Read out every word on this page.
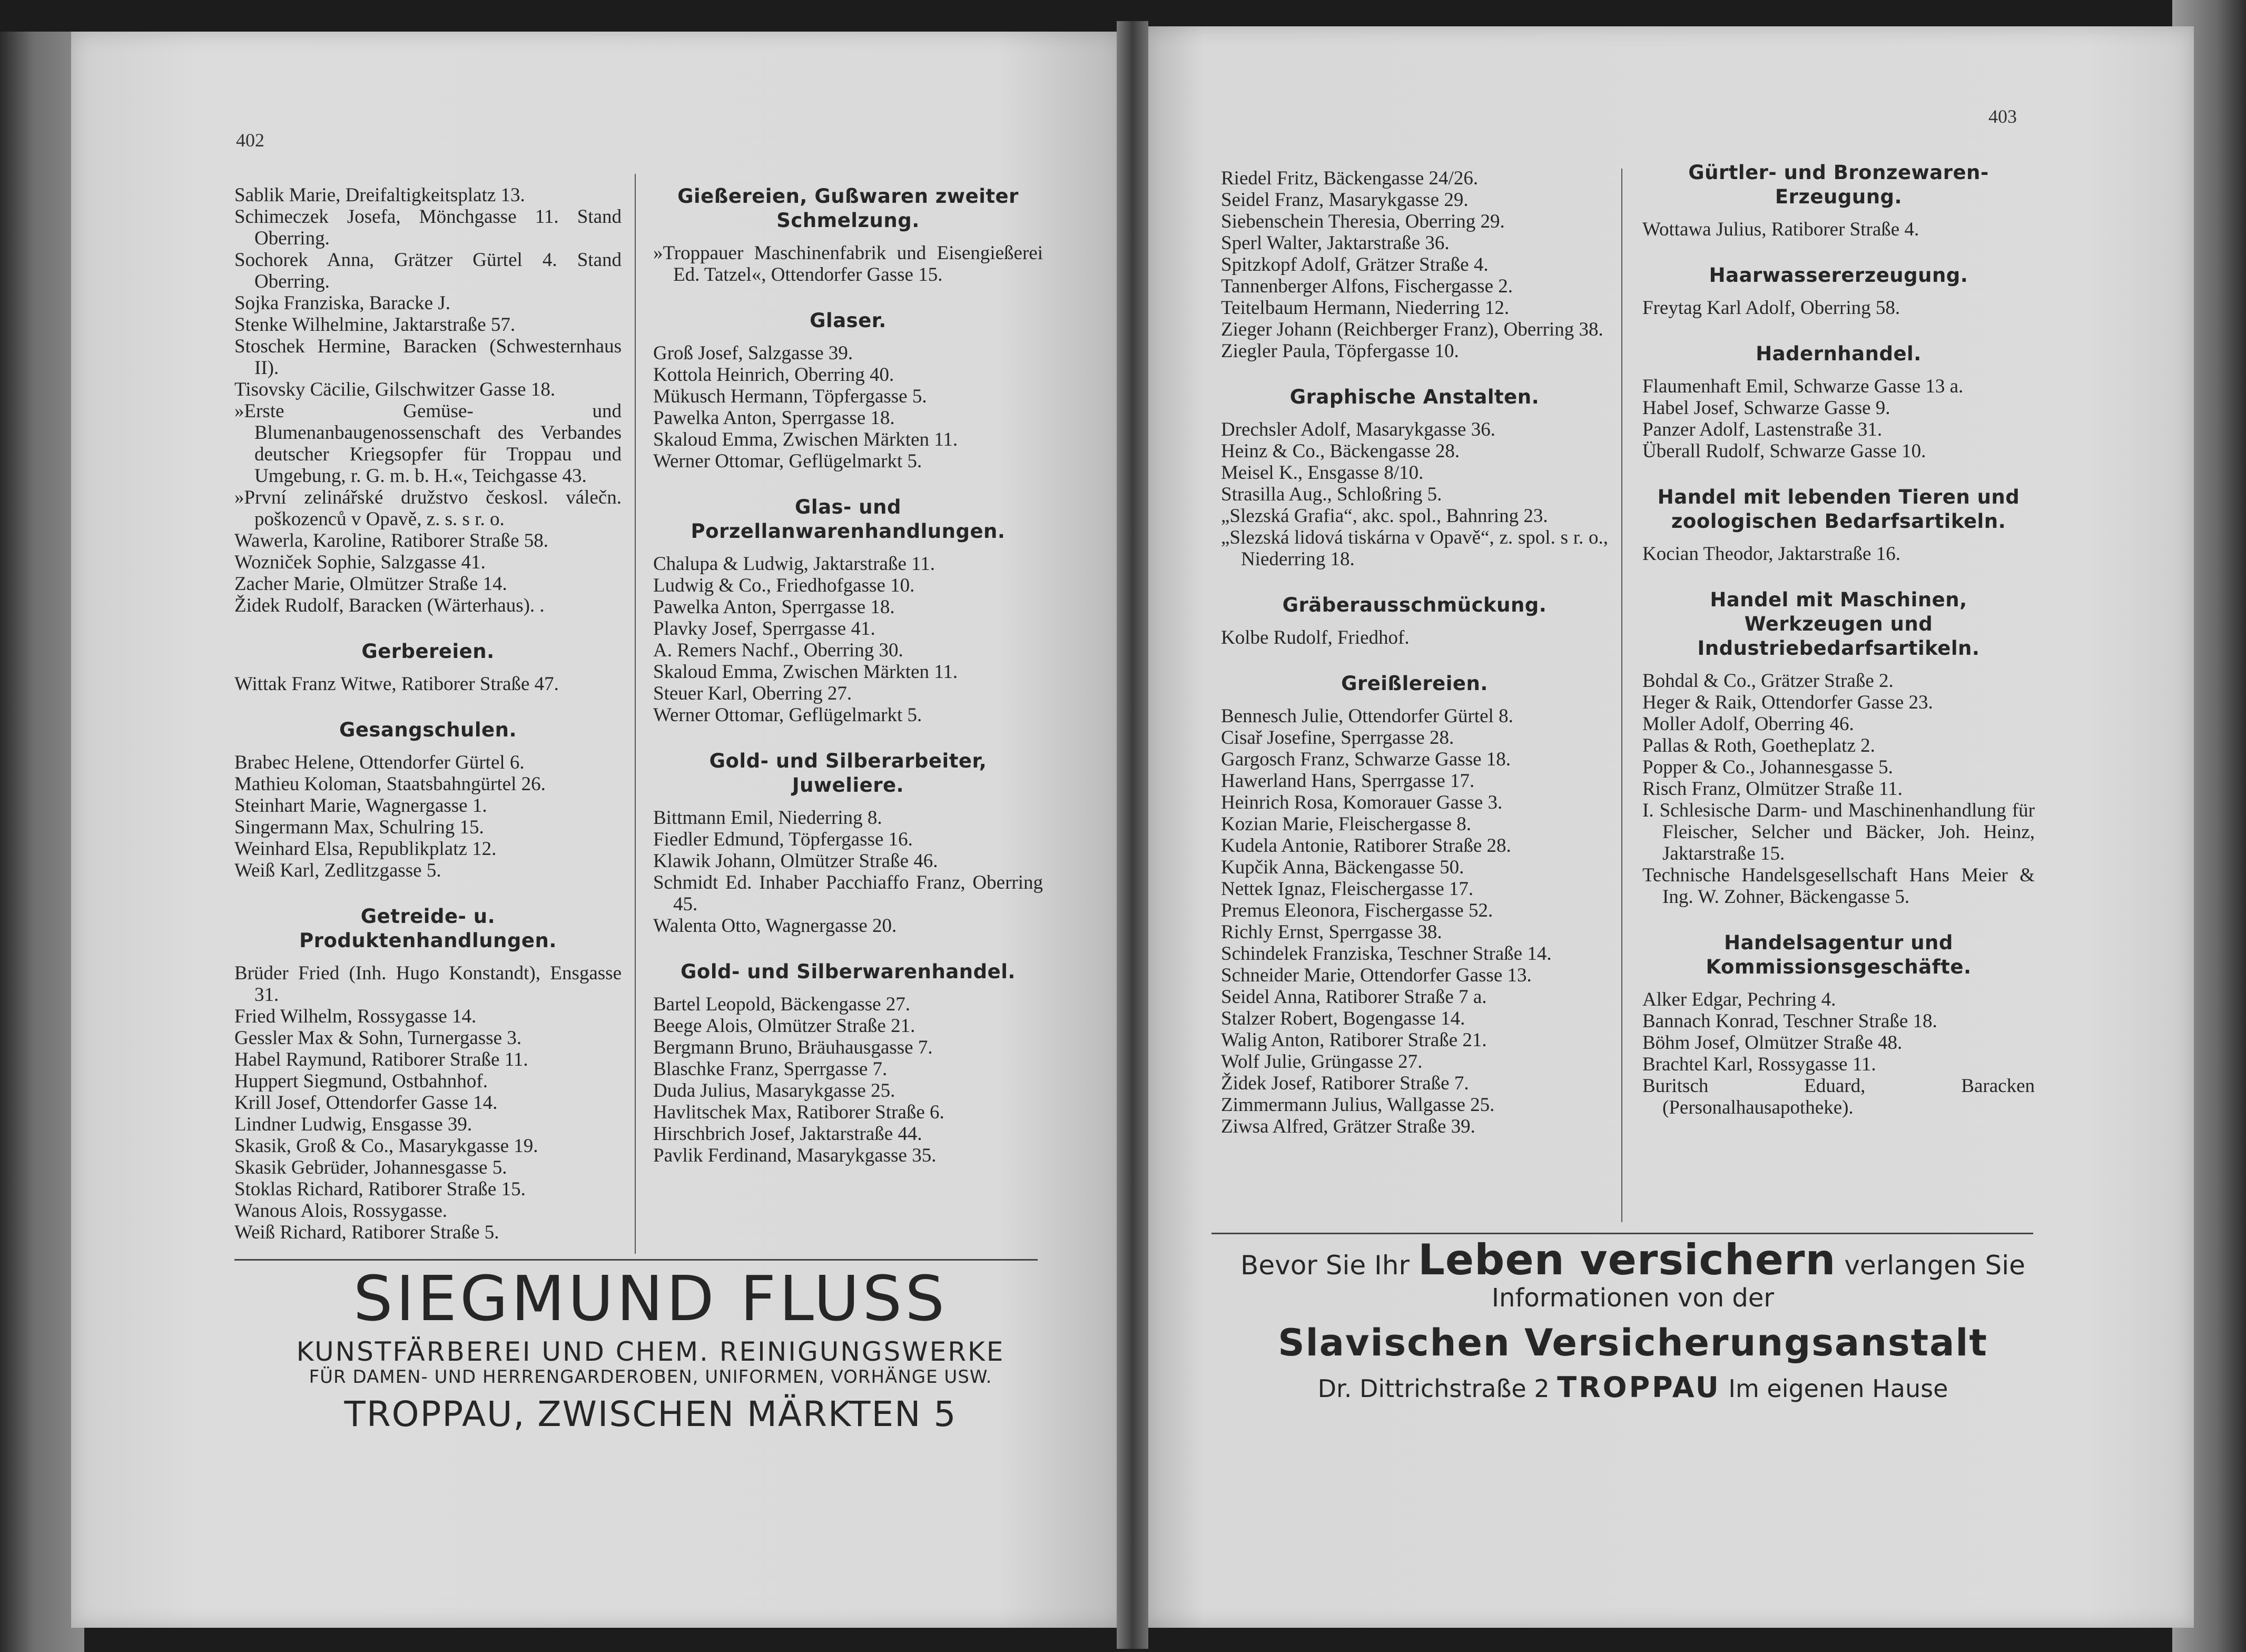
402
Sablik Marie, Dreifaltigkeitsplatz 13.
Schimeczek Josefa, Mönchgasse 11. Stand Oberring.
Sochorek Anna, Grätzer Gürtel 4. Stand Oberring.
Sojka Franziska, Baracke J.
Stenke Wilhelmine, Jaktarstraße 57.
Stoschek Hermine, Baracken (Schwesternhaus II).
Tisovsky Cäcilie, Gilschwitzer Gasse 18.
»Erste Gemüse- und Blumenanbaugenossenschaft des Verbandes deutscher Kriegsopfer für Troppau und Umgebung, r. G. m. b. H.«, Teichgasse 43.
»První zelinářské družstvo českosl. válečn. poškozenců v Opavě, z. s. s r. o.
Wawerla, Karoline, Ratiborer Straße 58.
Wozniček Sophie, Salzgasse 41.
Zacher Marie, Olmützer Straße 14.
Židek Rudolf, Baracken (Wärterhaus). .
Gerbereien.
Wittak Franz Witwe, Ratiborer Straße 47.
Gesangschulen.
Brabec Helene, Ottendorfer Gürtel 6.
Mathieu Koloman, Staatsbahngürtel 26.
Steinhart Marie, Wagnergasse 1.
Singermann Max, Schulring 15.
Weinhard Elsa, Republikplatz 12.
Weiß Karl, Zedlitzgasse 5.
Getreide- u. Produktenhandlungen.
Brüder Fried (Inh. Hugo Konstandt), Ensgasse 31.
Fried Wilhelm, Rossygasse 14.
Gessler Max & Sohn, Turnergasse 3.
Habel Raymund, Ratiborer Straße 11.
Huppert Siegmund, Ostbahnhof.
Krill Josef, Ottendorfer Gasse 14.
Lindner Ludwig, Ensgasse 39.
Skasik, Groß & Co., Masarykgasse 19.
Skasik Gebrüder, Johannesgasse 5.
Stoklas Richard, Ratiborer Straße 15.
Wanous Alois, Rossygasse.
Weiß Richard, Ratiborer Straße 5.
Gießereien, Gußwaren zweiter Schmelzung.
»Troppauer Maschinenfabrik und Eisengießerei Ed. Tatzel«, Ottendorfer Gasse 15.
Glaser.
Groß Josef, Salzgasse 39.
Kottola Heinrich, Oberring 40.
Mükusch Hermann, Töpfergasse 5.
Pawelka Anton, Sperrgasse 18.
Skaloud Emma, Zwischen Märkten 11.
Werner Ottomar, Geflügelmarkt 5.
Glas- und Porzellanwarenhandlungen.
Chalupa & Ludwig, Jaktarstraße 11.
Ludwig & Co., Friedhofgasse 10.
Pawelka Anton, Sperrgasse 18.
Plavky Josef, Sperrgasse 41.
A. Remers Nachf., Oberring 30.
Skaloud Emma, Zwischen Märkten 11.
Steuer Karl, Oberring 27.
Werner Ottomar, Geflügelmarkt 5.
Gold- und Silberarbeiter, Juweliere.
Bittmann Emil, Niederring 8.
Fiedler Edmund, Töpfergasse 16.
Klawik Johann, Olmützer Straße 46.
Schmidt Ed. Inhaber Pacchiaffo Franz, Oberring 45.
Walenta Otto, Wagnergasse 20.
Gold- und Silberwarenhandel.
Bartel Leopold, Bäckengasse 27.
Beege Alois, Olmützer Straße 21.
Bergmann Bruno, Bräuhausgasse 7.
Blaschke Franz, Sperrgasse 7.
Duda Julius, Masarykgasse 25.
Havlitschek Max, Ratiborer Straße 6.
Hirschbrich Josef, Jaktarstraße 44.
Pavlik Ferdinand, Masarykgasse 35.
SIEGMUND FLUSS
KUNSTFÄRBEREI UND CHEM. REINIGUNGSWERKE
FÜR DAMEN- UND HERRENGARDEROBEN, UNIFORMEN, VORHÄNGE USW.
TROPPAU, ZWISCHEN MÄRKTEN 5
403
Riedel Fritz, Bäckengasse 24/26.
Seidel Franz, Masarykgasse 29.
Siebenschein Theresia, Oberring 29.
Sperl Walter, Jaktarstraße 36.
Spitzkopf Adolf, Grätzer Straße 4.
Tannenberger Alfons, Fischergasse 2.
Teitelbaum Hermann, Niederring 12.
Zieger Johann (Reichberger Franz), Oberring 38.
Ziegler Paula, Töpfergasse 10.
Graphische Anstalten.
Drechsler Adolf, Masarykgasse 36.
Heinz & Co., Bäckengasse 28.
Meisel K., Ensgasse 8/10.
Strasilla Aug., Schloßring 5.
„Slezská Grafia“, akc. spol., Bahnring 23.
„Slezská lidová tiskárna v Opavě“, z. spol. s r. o., Niederring 18.
Gräberausschmückung.
Kolbe Rudolf, Friedhof.
Greißlereien.
Bennesch Julie, Ottendorfer Gürtel 8.
Cisař Josefine, Sperrgasse 28.
Gargosch Franz, Schwarze Gasse 18.
Hawerland Hans, Sperrgasse 17.
Heinrich Rosa, Komorauer Gasse 3.
Kozian Marie, Fleischergasse 8.
Kudela Antonie, Ratiborer Straße 28.
Kupčik Anna, Bäckengasse 50.
Nettek Ignaz, Fleischergasse 17.
Premus Eleonora, Fischergasse 52.
Richly Ernst, Sperrgasse 38.
Schindelek Franziska, Teschner Straße 14.
Schneider Marie, Ottendorfer Gasse 13.
Seidel Anna, Ratiborer Straße 7 a.
Stalzer Robert, Bogengasse 14.
Walig Anton, Ratiborer Straße 21.
Wolf Julie, Grüngasse 27.
Židek Josef, Ratiborer Straße 7.
Zimmermann Julius, Wallgasse 25.
Ziwsa Alfred, Grätzer Straße 39.
Gürtler- und Bronzewaren-Erzeugung.
Wottawa Julius, Ratiborer Straße 4.
Haarwassererzeugung.
Freytag Karl Adolf, Oberring 58.
Hadernhandel.
Flaumenhaft Emil, Schwarze Gasse 13 a.
Habel Josef, Schwarze Gasse 9.
Panzer Adolf, Lastenstraße 31.
Überall Rudolf, Schwarze Gasse 10.
Handel mit lebenden Tieren und zoologischen Bedarfsartikeln.
Kocian Theodor, Jaktarstraße 16.
Handel mit Maschinen, Werkzeugen und Industriebedarfsartikeln.
Bohdal & Co., Grätzer Straße 2.
Heger & Raik, Ottendorfer Gasse 23.
Moller Adolf, Oberring 46.
Pallas & Roth, Goetheplatz 2.
Popper & Co., Johannesgasse 5.
Risch Franz, Olmützer Straße 11.
I. Schlesische Darm- und Maschinenhandlung für Fleischer, Selcher und Bäcker, Joh. Heinz, Jaktarstraße 15.
Technische Handelsgesellschaft Hans Meier & Ing. W. Zohner, Bäckengasse 5.
Handelsagentur und Kommissionsgeschäfte.
Alker Edgar, Pechring 4.
Bannach Konrad, Teschner Straße 18.
Böhm Josef, Olmützer Straße 48.
Brachtel Karl, Rossygasse 11.
Buritsch Eduard, Baracken (Personalhausapotheke).
Bevor Sie Ihr Leben versichern verlangen Sie
Informationen von der
Slavischen Versicherungsanstalt
Dr. Dittrichstraße 2 TROPPAU Im eigenen Hause
